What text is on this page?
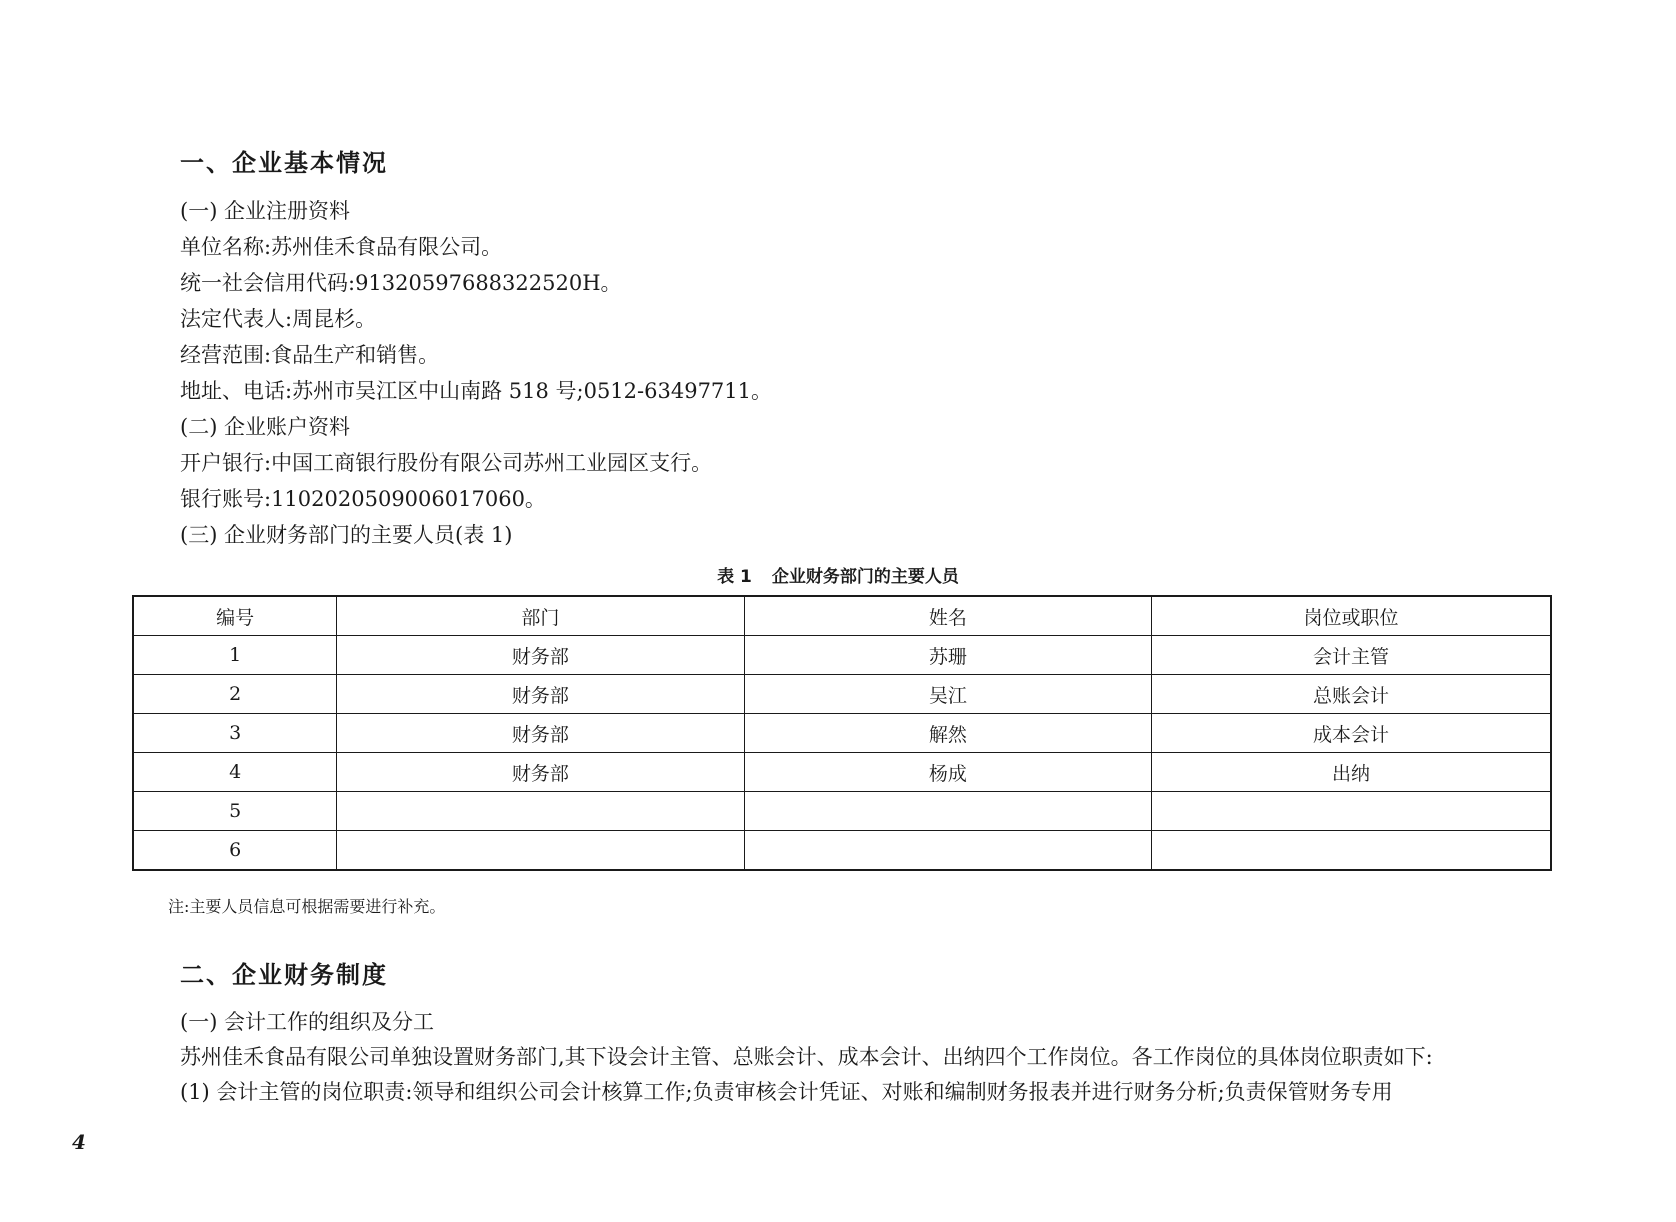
一、企业基本情况
(一) 企业注册资料
单位名称:苏州佳禾食品有限公司。
统一社会信用代码:91320597688322520H。
法定代表人:周昆杉。
经营范围:食品生产和销售。
地址、电话:苏州市吴江区中山南路 518 号;0512-63497711。
(二) 企业账户资料
开户银行:中国工商银行股份有限公司苏州工业园区支行。
银行账号:1102020509006017060。
(三) 企业财务部门的主要人员(表 1)
表 1 企业财务部门的主要人员
编号	部门	姓名	岗位或职位
1	财务部	苏珊	会计主管
2	财务部	吴江	总账会计
3	财务部	解然	成本会计
4	财务部	杨成	出纳
5			
6			
注:主要人员信息可根据需要进行补充。
二、企业财务制度
(一) 会计工作的组织及分工
苏州佳禾食品有限公司单独设置财务部门,其下设会计主管、总账会计、成本会计、出纳四个工作岗位。各工作岗位的具体岗位职责如下:
(1) 会计主管的岗位职责:领导和组织公司会计核算工作;负责审核会计凭证、对账和编制财务报表并进行财务分析;负责保管财务专用
4
